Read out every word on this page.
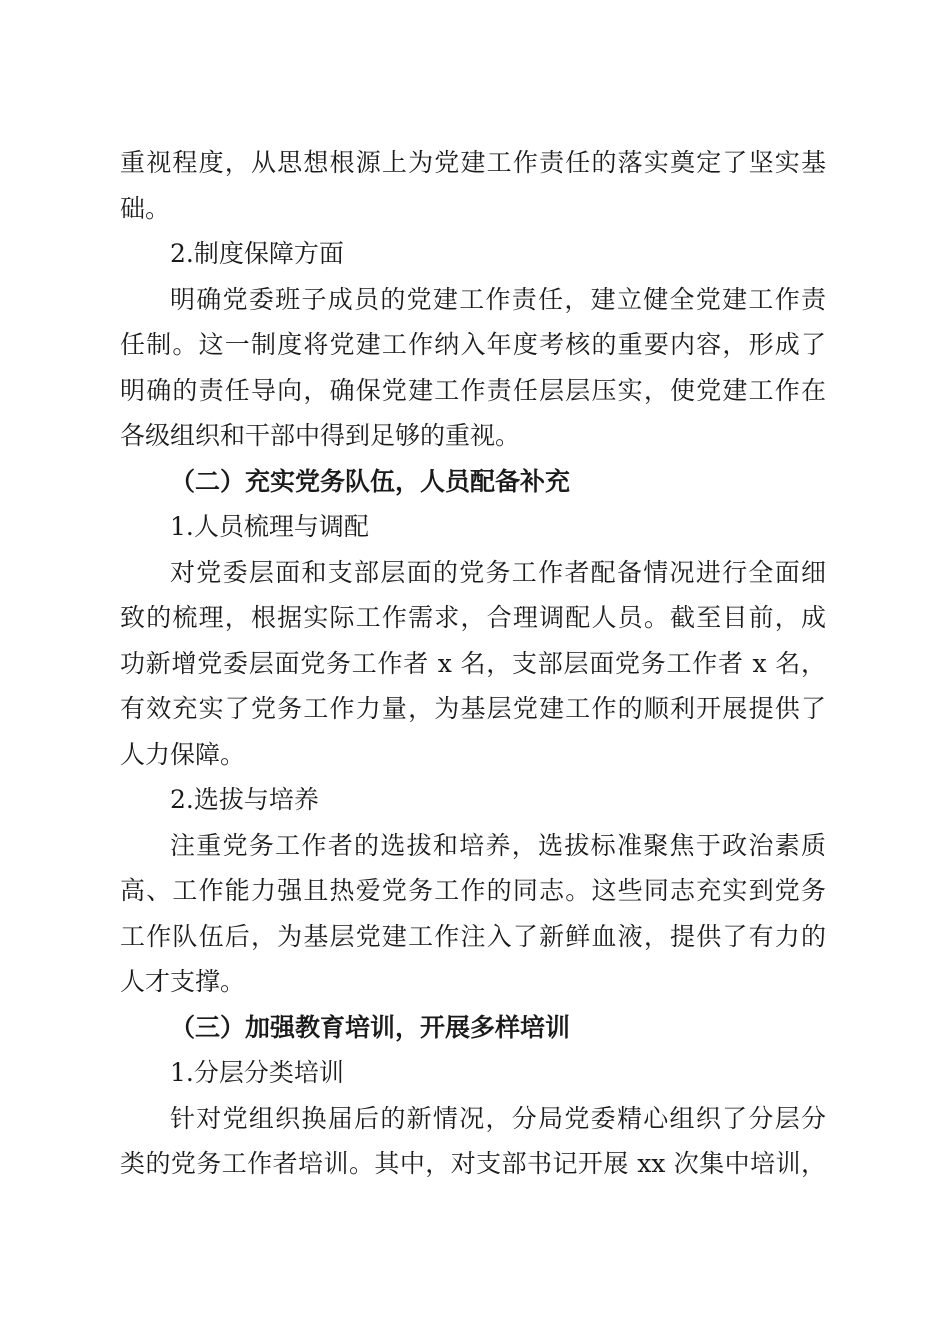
重视程度，从思想根源上为党建工作责任的落实奠定了坚实基
础。
2.制度保障方面
明确党委班子成员的党建工作责任，建立健全党建工作责
任制。这一制度将党建工作纳入年度考核的重要内容，形成了
明确的责任导向，确保党建工作责任层层压实，使党建工作在
各级组织和干部中得到足够的重视。
（二）充实党务队伍，人员配备补充
1.人员梳理与调配
对党委层面和支部层面的党务工作者配备情况进行全面细
致的梳理，根据实际工作需求，合理调配人员。截至目前，成
功新增党委层面党务工作者 x 名，支部层面党务工作者 x 名，
有效充实了党务工作力量，为基层党建工作的顺利开展提供了
人力保障。
2.选拔与培养
注重党务工作者的选拔和培养，选拔标准聚焦于政治素质
高、工作能力强且热爱党务工作的同志。这些同志充实到党务
工作队伍后，为基层党建工作注入了新鲜血液，提供了有力的
人才支撑。
（三）加强教育培训，开展多样培训
1.分层分类培训
针对党组织换届后的新情况，分局党委精心组织了分层分
类的党务工作者培训。其中，对支部书记开展 xx 次集中培训，
